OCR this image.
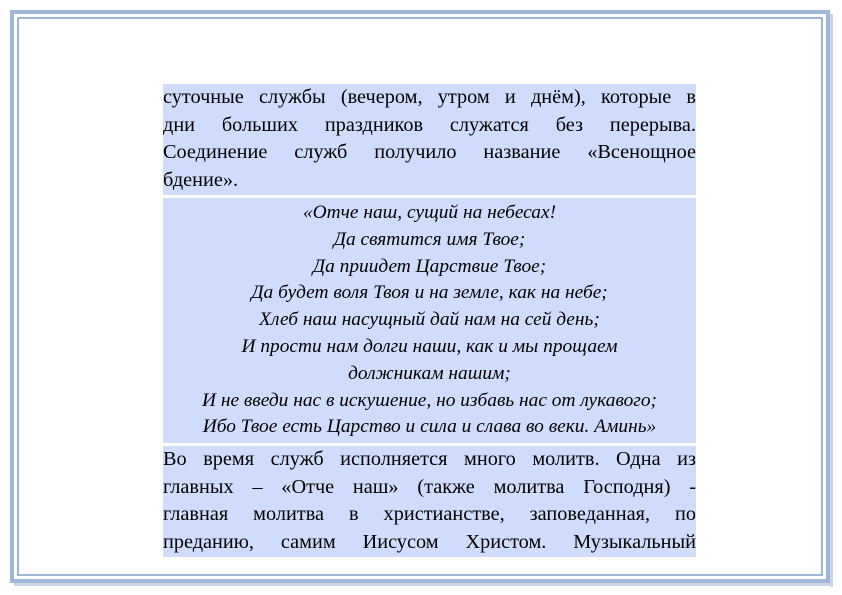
суточные службы (вечером, утром и днём), которые в
дни больших праздников служатся без перерыва.
Соединение служб получило название «Всенощное
бдение».
«Отче наш, сущий на небесах!
Да святится имя Твое;
Да приидет Царствие Твое;
Да будет воля Твоя и на земле, как на небе;
Хлеб наш насущный дай нам на сей день;
И прости нам долги наши, как и мы прощаем
должникам нашим;
И не введи нас в искушение, но избавь нас от лукавого;
Ибо Твое есть Царство и сила и слава во веки. Аминь»
Во время служб исполняется много молитв. Одна из
главных – «Отче наш» (также молитва Господня) -
главная молитва в христианстве, заповеданная, по
преданию, самим Иисусом Христом. Музыкальный
